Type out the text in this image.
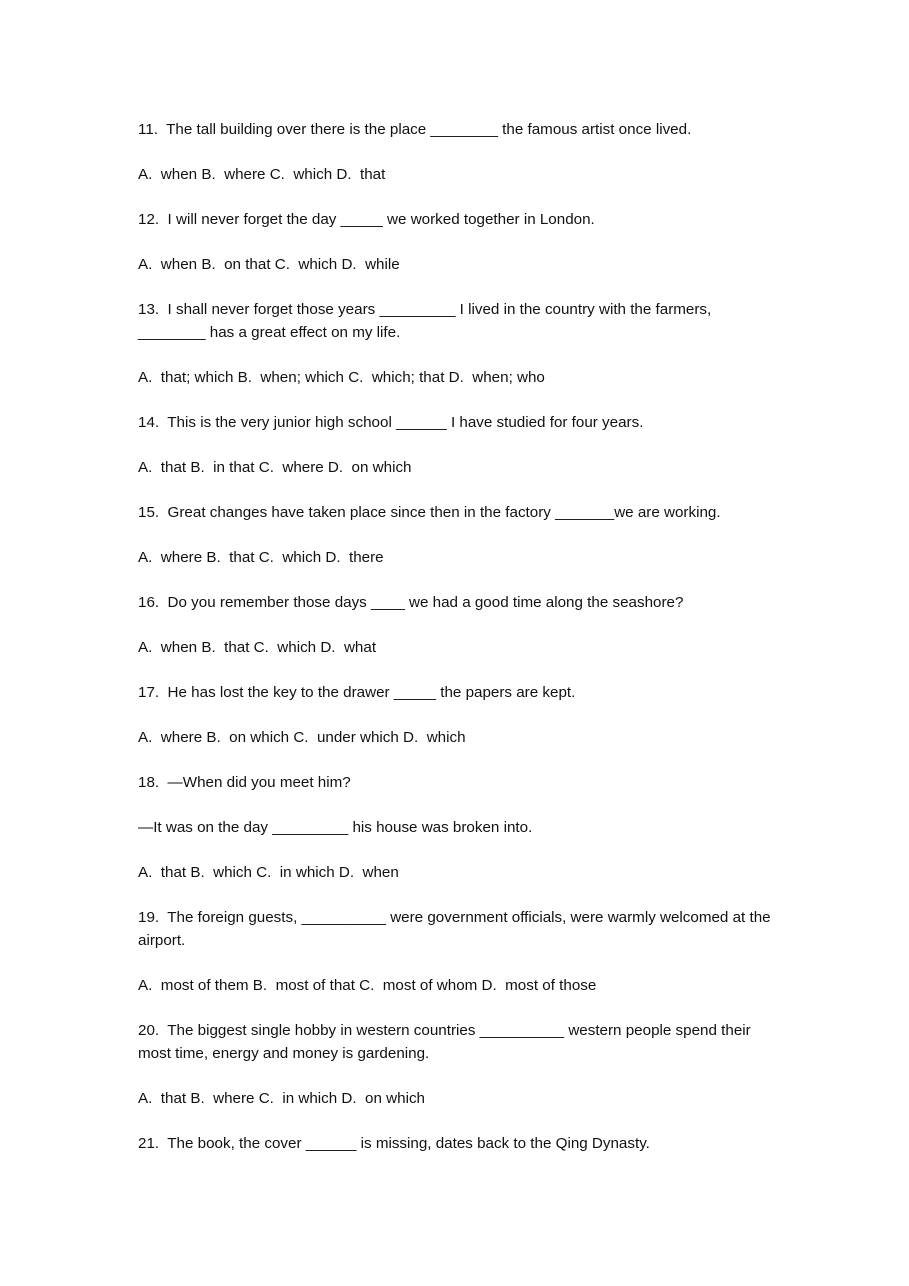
11.  The tall building over there is the place ________ the famous artist once lived.
A.  when B.  where C.  which D.  that
12.  I will never forget the day _____ we worked together in London.
A.  when B.  on that C.  which D.  while
13.  I shall never forget those years _________ I lived in the country with the farmers, ________ has a great effect on my life.
A.  that; which B.  when; which C.  which; that D.  when; who
14.  This is the very junior high school ______ I have studied for four years.
A.  that B.  in that C.  where D.  on which
15.  Great changes have taken place since then in the factory _______we are working.
A.  where B.  that C.  which D.  there
16.  Do you remember those days ____ we had a good time along the seashore?
A.  when B.  that C.  which D.  what
17.  He has lost the key to the drawer _____ the papers are kept.
A.  where B.  on which C.  under which D.  which
18.  —When did you meet him?
—It was on the day _________ his house was broken into.
A.  that B.  which C.  in which D.  when
19.  The foreign guests, __________ were government officials, were warmly welcomed at the airport.
A.  most of them B.  most of that C.  most of whom D.  most of those
20.  The biggest single hobby in western countries __________ western people spend their most time, energy and money is gardening.
A.  that B.  where C.  in which D.  on which
21.  The book, the cover ______ is missing, dates back to the Qing Dynasty.
